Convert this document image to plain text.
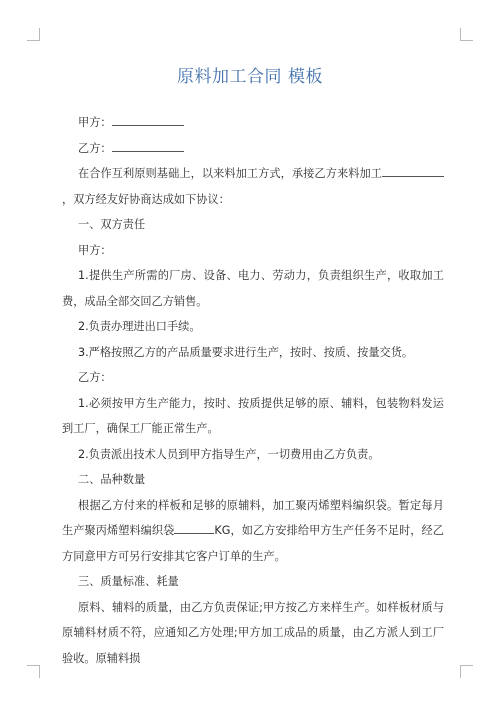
原料加工合同 模板

甲方：

乙方：

在合作互利原则基础上，以来料加工方式，承接乙方来料加工，双方经友好协商达成如下协议：

一、双方责任

甲方：

1.提供生产所需的厂房、设备、电力、劳动力，负责组织生产，收取加工费，成品全部交回乙方销售。

2.负责办理进出口手续。

3.严格按照乙方的产品质量要求进行生产，按时、按质、按量交货。

乙方：

1.必须按甲方生产能力，按时、按质提供足够的原、辅料，包装物料发运到工厂，确保工厂能正常生产。

2.负责派出技术人员到甲方指导生产，一切费用由乙方负责。

二、品种数量

根据乙方付来的样板和足够的原辅料，加工聚丙烯塑料编织袋。暂定每月生产聚丙烯塑料编织袋	KG，如乙方安排给甲方生产任务不足时，经乙方同意甲方可另行安排其它客户订单的生产。

三、质量标准、耗量

原料、辅料的质量，由乙方负责保证;甲方按乙方来样生产。如样板材质与原辅料材质不符，应通知乙方处理;甲方加工成品的质量，由乙方派人到工厂验收。原辅料损
